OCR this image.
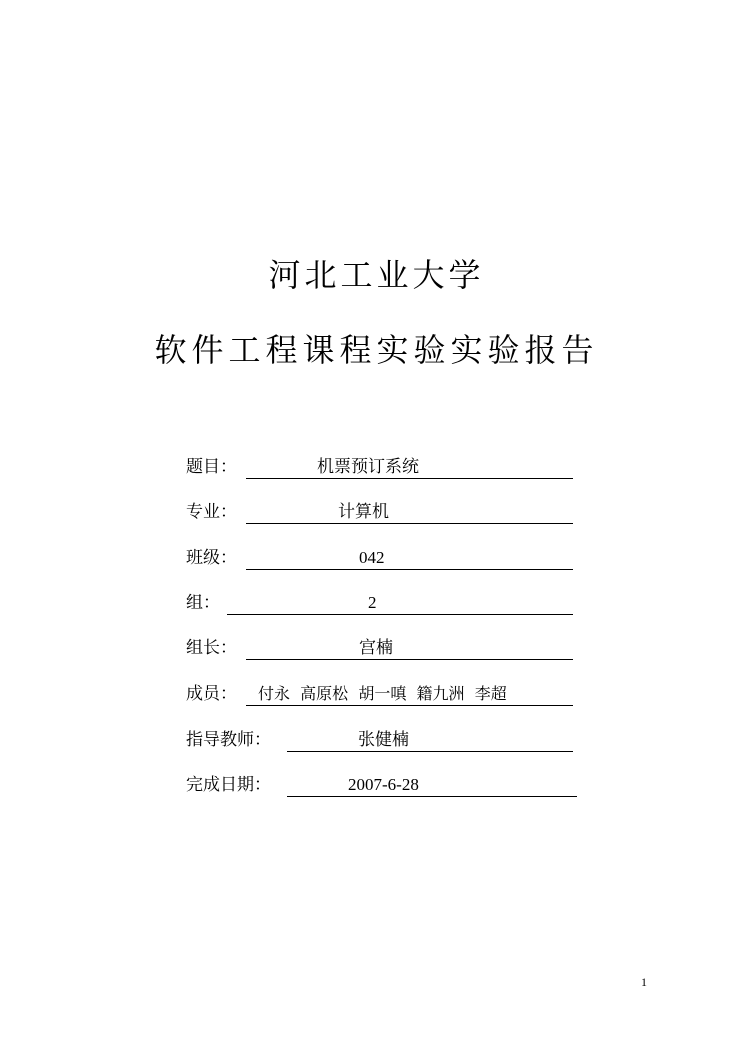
河北工业大学
软件工程课程实验实验报告
题目：	机票预订系统
专业：	计算机
班级：	042
组：	2
组长：	宫楠
成员： 付永  高原松  胡一嗔  籍九洲  李超
指导教师：	张健楠
完成日期：	2007-6-28
1
